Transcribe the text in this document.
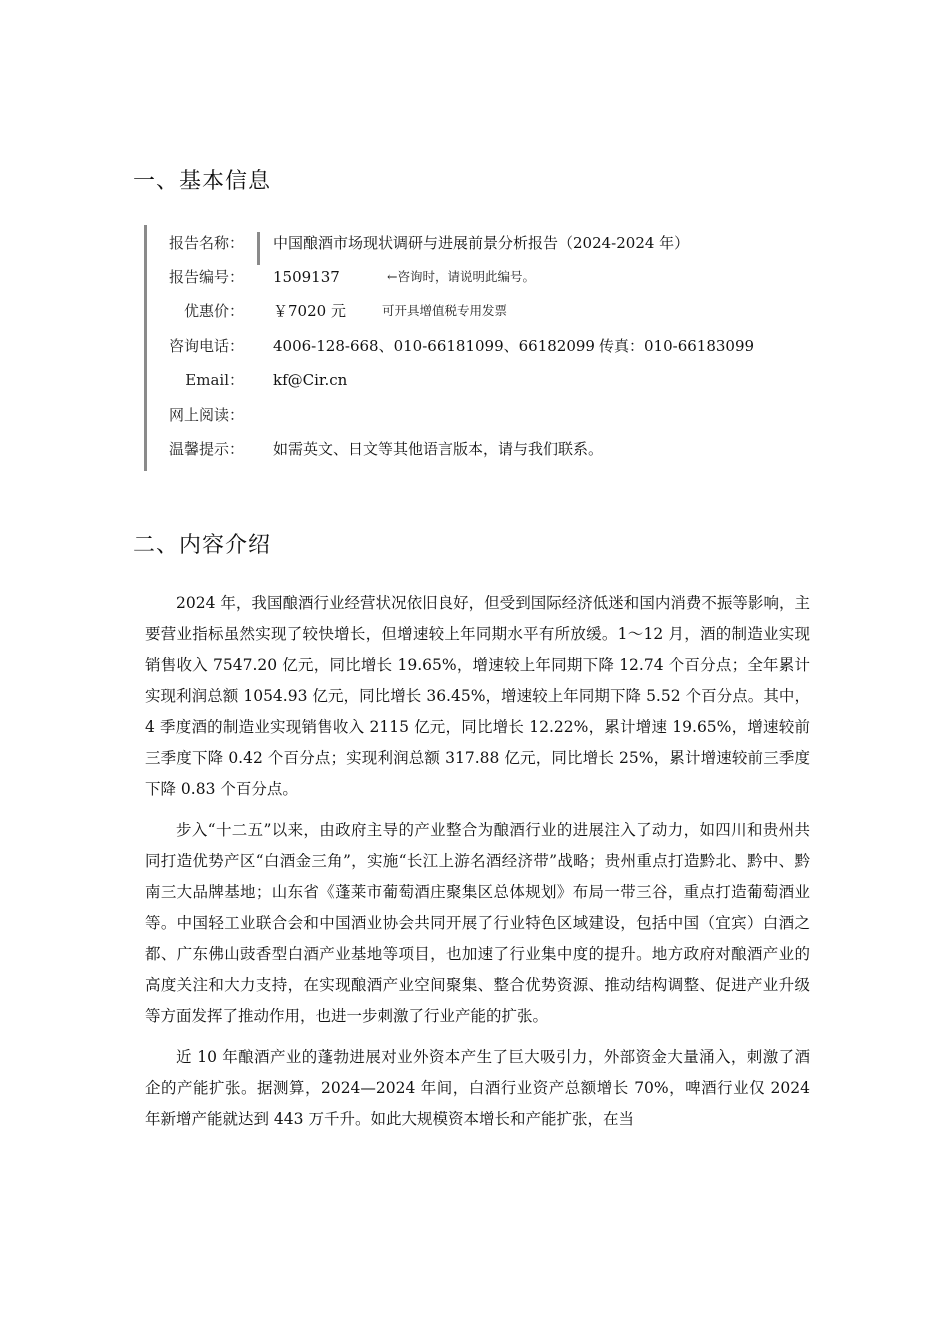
一、基本信息
报告名称： 中国酿酒市场现状调研与进展前景分析报告（2024-2024 年）
报告编号： 1509137	←咨询时，请说明此编号。
优惠价： ￥7020 元	可开具增值税专用发票
咨询电话： 4006-128-668、010-66181099、66182099 传真：010-66183099
Email： kf@Cir.cn
网上阅读：
温馨提示： 如需英文、日文等其他语言版本，请与我们联系。
二、内容介绍

2024 年，我国酿酒行业经营状况依旧良好，但受到国际经济低迷和国内消费不振等影响，主要营业指标虽然实现了较快增长，但增速较上年同期水平有所放缓。1～12 月，酒的制造业实现销售收入 7547.20 亿元，同比增长 19.65%，增速较上年同期下降 12.74 个百分点；全年累计实现利润总额 1054.93 亿元，同比增长 36.45%，增速较上年同期下降 5.52 个百分点。其中，4 季度酒的制造业实现销售收入 2115 亿元，同比增长 12.22%，累计增速 19.65%，增速较前三季度下降 0.42 个百分点；实现利润总额 317.88 亿元，同比增长 25%，累计增速较前三季度下降 0.83 个百分点。

步入“十二五”以来，由政府主导的产业整合为酿酒行业的进展注入了动力，如四川和贵州共同打造优势产区“白酒金三角”，实施“长江上游名酒经济带”战略；贵州重点打造黔北、黔中、黔南三大品牌基地；山东省《蓬莱市葡萄酒庄聚集区总体规划》布局一带三谷，重点打造葡萄酒业等。中国轻工业联合会和中国酒业协会共同开展了行业特色区域建设，包括中国（宜宾）白酒之都、广东佛山豉香型白酒产业基地等项目，也加速了行业集中度的提升。地方政府对酿酒产业的高度关注和大力支持，在实现酿酒产业空间聚集、整合优势资源、推动结构调整、促进产业升级等方面发挥了推动作用，也进一步刺激了行业产能的扩张。

近 10 年酿酒产业的蓬勃进展对业外资本产生了巨大吸引力，外部资金大量涌入，刺激了酒企的产能扩张。据测算，2024—2024 年间，白酒行业资产总额增长 70%，啤酒行业仅 2024 年新增产能就达到 443 万千升。如此大规模资本增长和产能扩张，在当
